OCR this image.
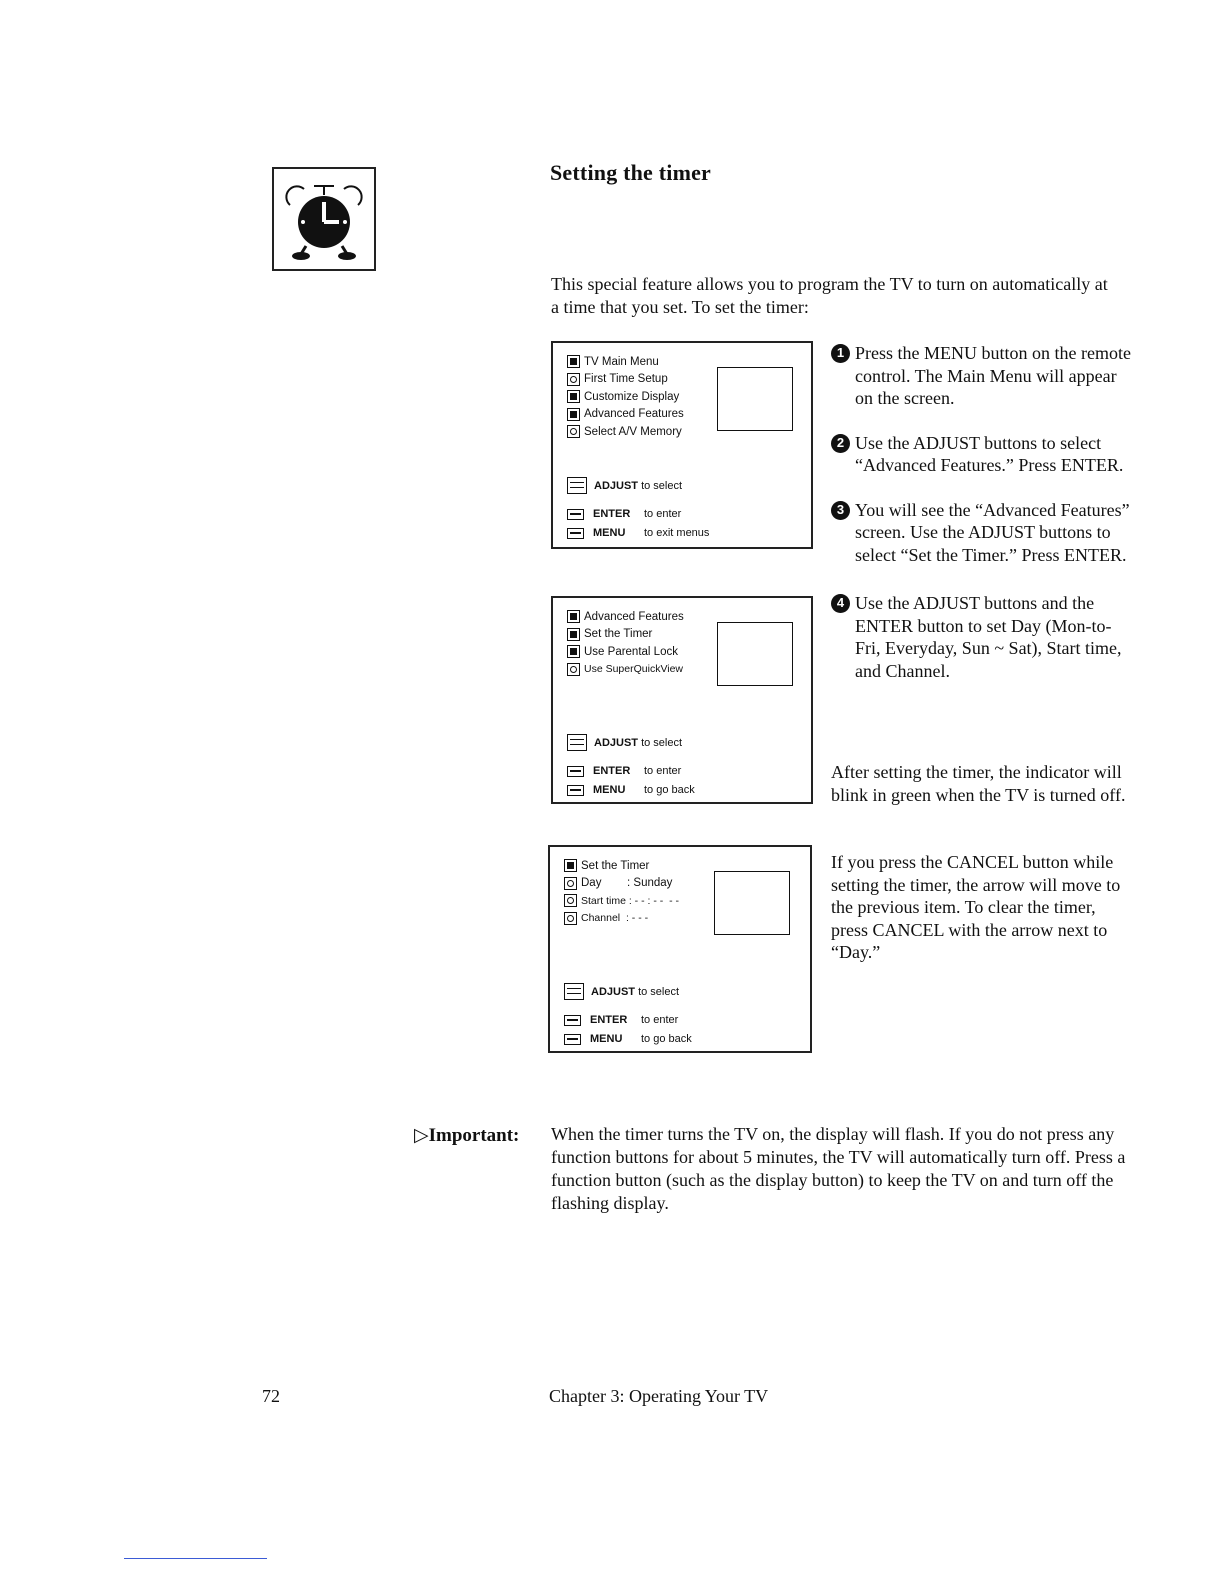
Setting the timer
This special feature allows you to program the TV to turn on automatically at a time that you set. To set the timer:
TV Main Menu
First Time Setup
Customize Display
Advanced Features
Select A/V Memory
ADJUST
to select
ENTER	to enter
MENU	to exit menus
Advanced Features
Set the Timer
Use Parental Lock
Use SuperQuickView
ADJUST
to select
ENTER	to enter
MENU	to go back
Set the Timer
Day        : Sunday
Start time : - - : - -  - -
Channel  : - - -
ADJUST
to select
ENTER	to enter
MENU	to go back
1 Press the MENU button on the remote control. The Main Menu will appear on the screen.
2 Use the ADJUST buttons to select “Advanced Features.” Press ENTER.
3 You will see the “Advanced Features” screen. Use the ADJUST buttons to select “Set the Timer.” Press ENTER.
4 Use the ADJUST buttons and the ENTER button to set Day (Mon-to-Fri, Everyday, Sun ~ Sat), Start time, and Channel.
After setting the timer, the indicator will blink in green when the TV is turned off.
If you press the CANCEL button while setting the timer, the arrow will move to the previous item. To clear the timer, press CANCEL with the arrow next to “Day.”
▷Important: When the timer turns the TV on, the display will flash. If you do not press any function buttons for about 5 minutes, the TV will automatically turn off. Press a function button (such as the display button) to keep the TV on and turn off the flashing display.
72	Chapter 3: Operating Your TV
